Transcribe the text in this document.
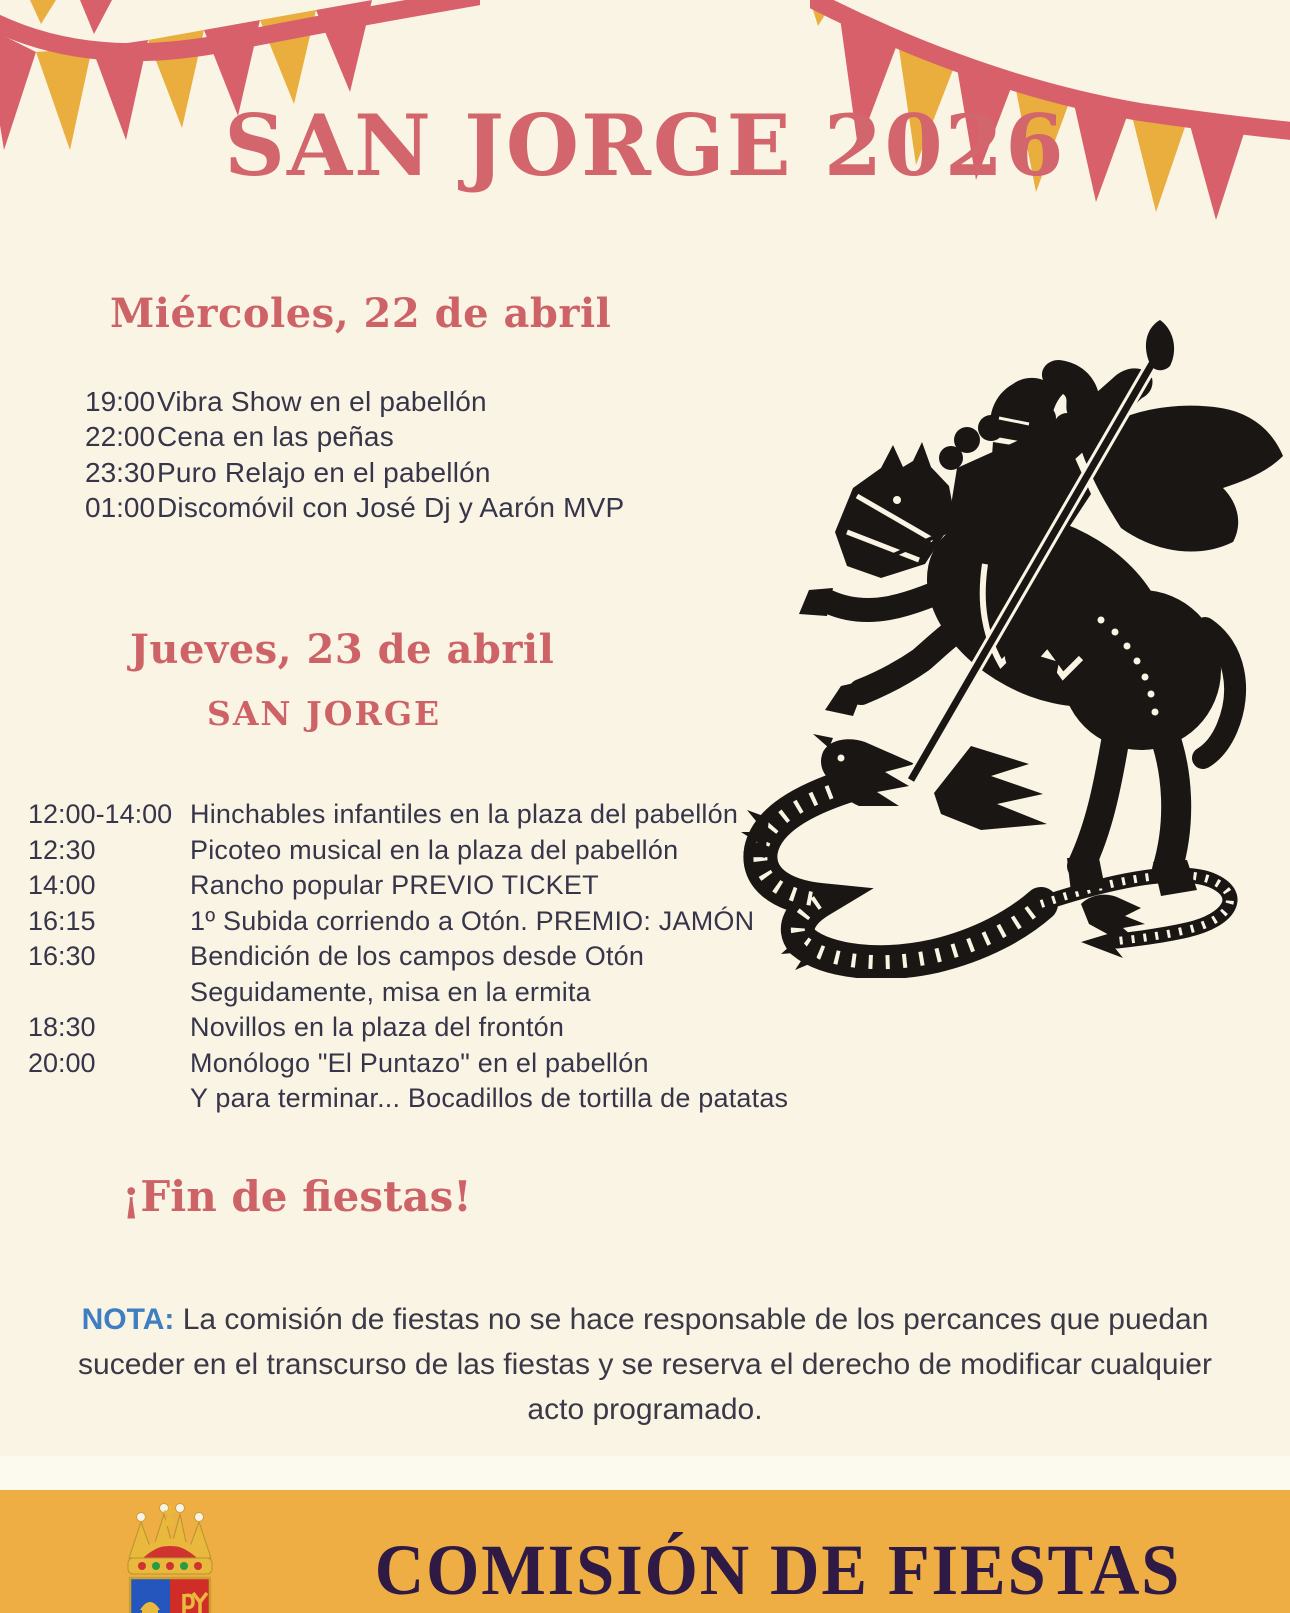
SAN JORGE 2026
Miércoles, 22 de abril
19:00 Vibra Show en el pabellón
22:00 Cena en las peñas
23:30 Puro Relajo en el pabellón
01:00 Discomóvil con José Dj y Aarón MVP
Jueves, 23 de abril
SAN JORGE
12:00-14:00 Hinchables infantiles en la plaza del pabellón
12:30	Picoteo musical en la plaza del pabellón
14:00	Rancho popular PREVIO TICKET
16:15	1º Subida corriendo a Otón. PREMIO: JAMÓN
16:30	Bendición de los campos desde Otón
Seguidamente, misa en la ermita
18:30	Novillos en la plaza del frontón
20:00	Monólogo "El Puntazo" en el pabellón
Y para terminar... Bocadillos de tortilla de patatas
¡Fin de fiestas!

NOTA: La comisión de fiestas no se hace responsable de los percances que puedan suceder en el transcurso de las fiestas y se reserva el derecho de modificar cualquier acto programado.

COMISIÓN DE FIESTAS
